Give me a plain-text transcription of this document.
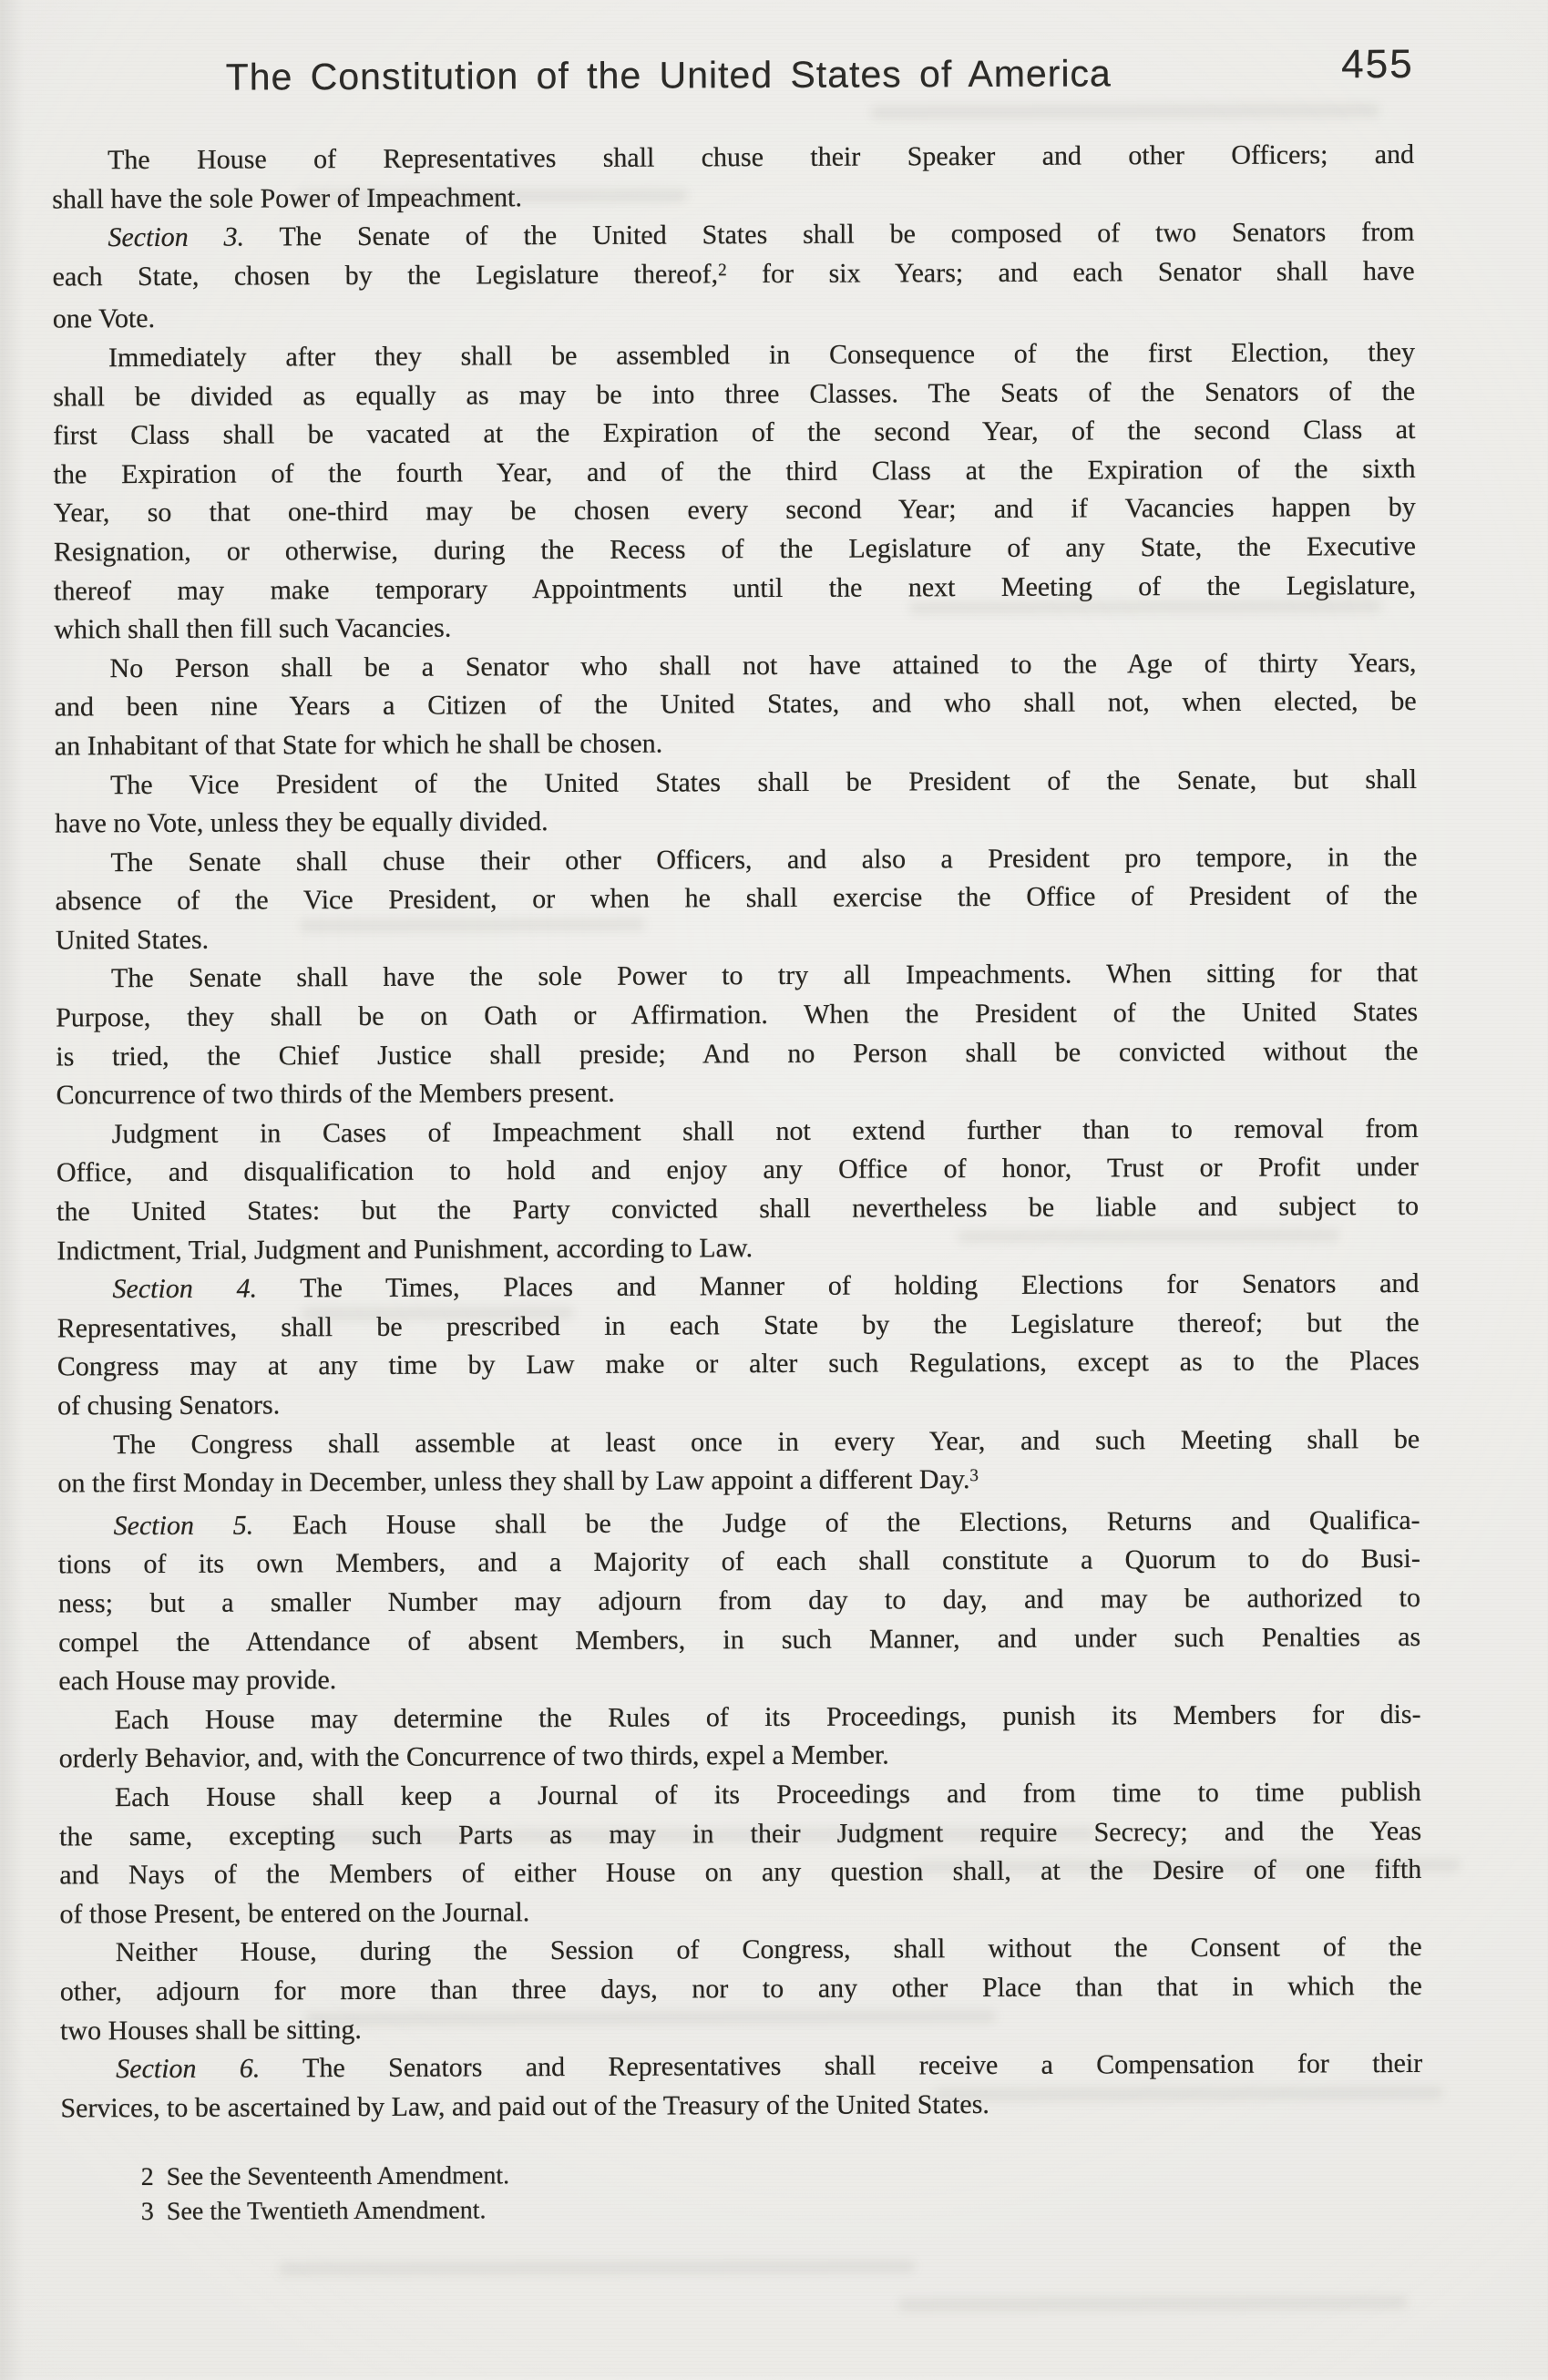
The Constitution of the United States of America	455

The House of Representatives shall chuse their Speaker and other Officers; and
shall have the sole Power of Impeachment.

Section 3. The Senate of the United States shall be composed of two Senators from
each State, chosen by the Legislature thereof,$^2$ for six Years; and each Senator shall have
one Vote.

Immediately after they shall be assembled in Consequence of the first Election, they
shall be divided as equally as may be into three Classes. The Seats of the Senators of the
first Class shall be vacated at the Expiration of the second Year, of the second Class at
the Expiration of the fourth Year, and of the third Class at the Expiration of the sixth
Year, so that one-third may be chosen every second Year; and if Vacancies happen by
Resignation, or otherwise, during the Recess of the Legislature of any State, the Executive
thereof may make temporary Appointments until the next Meeting of the Legislature,
which shall then fill such Vacancies.

No Person shall be a Senator who shall not have attained to the Age of thirty Years,
and been nine Years a Citizen of the United States, and who shall not, when elected, be
an Inhabitant of that State for which he shall be chosen.

The Vice President of the United States shall be President of the Senate, but shall
have no Vote, unless they be equally divided.

The Senate shall chuse their other Officers, and also a President pro tempore, in the
absence of the Vice President, or when he shall exercise the Office of President of the
United States.

The Senate shall have the sole Power to try all Impeachments. When sitting for that
Purpose, they shall be on Oath or Affirmation. When the President of the United States
is tried, the Chief Justice shall preside; And no Person shall be convicted without the
Concurrence of two thirds of the Members present.

Judgment in Cases of Impeachment shall not extend further than to removal from
Office, and disqualification to hold and enjoy any Office of honor, Trust or Profit under
the United States: but the Party convicted shall nevertheless be liable and subject to
Indictment, Trial, Judgment and Punishment, according to Law.

Section 4. The Times, Places and Manner of holding Elections for Senators and
Representatives, shall be prescribed in each State by the Legislature thereof; but the
Congress may at any time by Law make or alter such Regulations, except as to the Places
of chusing Senators.

The Congress shall assemble at least once in every Year, and such Meeting shall be
on the first Monday in December, unless they shall by Law appoint a different Day.$^3$

Section 5. Each House shall be the Judge of the Elections, Returns and Qualifica-
tions of its own Members, and a Majority of each shall constitute a Quorum to do Busi-
ness; but a smaller Number may adjourn from day to day, and may be authorized to
compel the Attendance of absent Members, in such Manner, and under such Penalties as
each House may provide.

Each House may determine the Rules of its Proceedings, punish its Members for dis-
orderly Behavior, and, with the Concurrence of two thirds, expel a Member.

Each House shall keep a Journal of its Proceedings and from time to time publish
the same, excepting such Parts as may in their Judgment require Secrecy; and the Yeas
and Nays of the Members of either House on any question shall, at the Desire of one fifth
of those Present, be entered on the Journal.

Neither House, during the Session of Congress, shall without the Consent of the
other, adjourn for more than three days, nor to any other Place than that in which the
two Houses shall be sitting.

Section 6. The Senators and Representatives shall receive a Compensation for their
Services, to be ascertained by Law, and paid out of the Treasury of the United States.

2 See the Seventeenth Amendment.
3 See the Twentieth Amendment.
